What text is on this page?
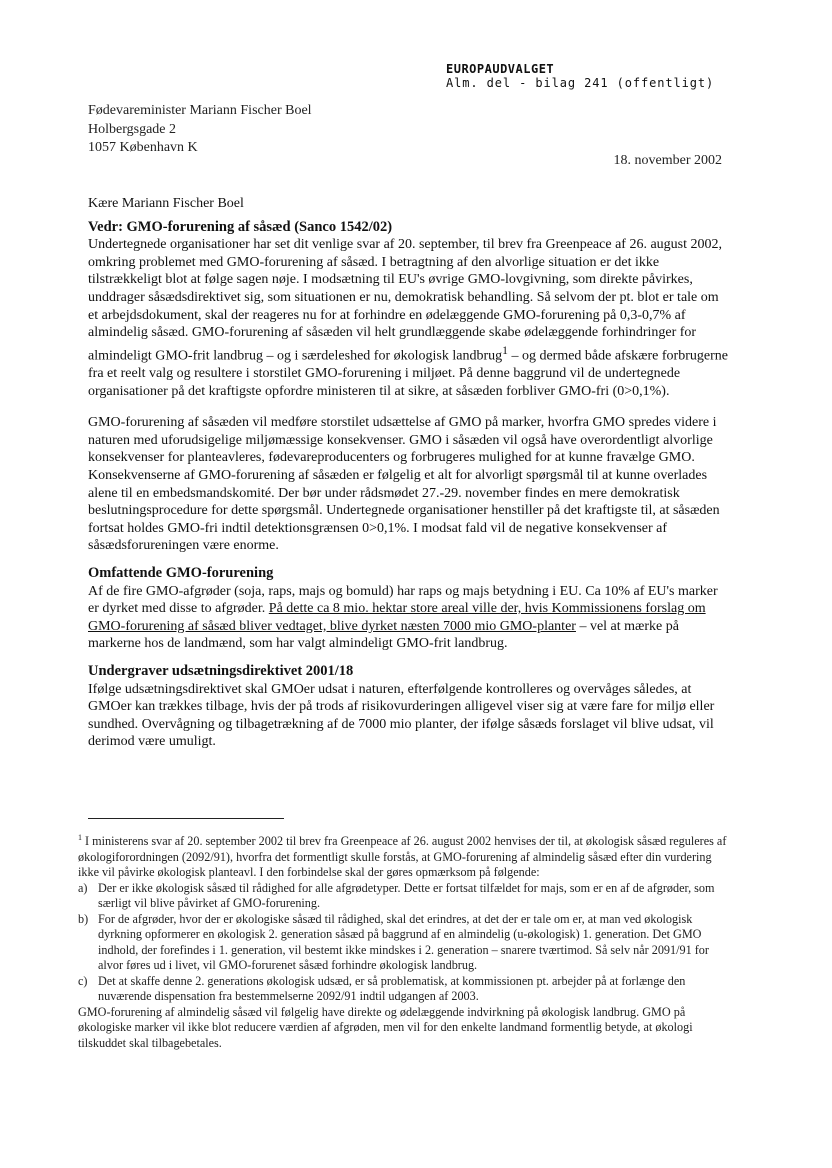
EUROPAUDVALGET
Alm. del - bilag 241 (offentligt)
Fødevareminister Mariann Fischer Boel
Holbergsgade 2
1057 København K
18. november 2002

Kære Mariann Fischer Boel

Vedr: GMO-forurening af såsæd (Sanco 1542/02)

Undertegnede organisationer har set dit venlige svar af 20. september, til brev fra Greenpeace af 26. august 2002, omkring problemet med GMO-forurening af såsæd. I betragtning af den alvorlige situation er det ikke tilstrækkeligt blot at følge sagen nøje. I modsætning til EU's øvrige GMO-lovgivning, som direkte påvirkes, unddrager såsædsdirektivet sig, som situationen er nu, demokratisk behandling. Så selvom der pt. blot er tale om et arbejdsdokument, skal der reageres nu for at forhindre en ødelæggende GMO-forurening på 0,3-0,7% af almindelig såsæd. GMO-forurening af såsæden vil helt grundlæggende skabe ødelæggende forhindringer for almindeligt GMO-frit landbrug – og i særdeleshed for økologisk landbrug$^1$ – og dermed både afskære forbrugerne fra et reelt valg og resultere i storstilet GMO-forurening i miljøet. På denne baggrund vil de undertegnede organisationer på det kraftigste opfordre ministeren til at sikre, at såsæden forbliver GMO-fri (0>0,1%).

GMO-forurening af såsæden vil medføre storstilet udsættelse af GMO på marker, hvorfra GMO spredes videre i naturen med uforudsigelige miljømæssige konsekvenser. GMO i såsæden vil også have overordentligt alvorlige konsekvenser for planteavleres, fødevareproducenters og forbrugeres mulighed for at kunne fravælge GMO. Konsekvenserne af GMO-forurening af såsæden er følgelig et alt for alvorligt spørgsmål til at kunne overlades alene til en embedsmandskomité. Der bør under rådsmødet 27.-29. november findes en mere demokratisk beslutningsprocedure for dette spørgsmål. Undertegnede organisationer henstiller på det kraftigste til, at såsæden fortsat holdes GMO-fri indtil detektionsgrænsen 0>0,1%. I modsat fald vil de negative konsekvenser af såsædsforureningen være enorme.

Omfattende GMO-forurening

Af de fire GMO-afgrøder (soja, raps, majs og bomuld) har raps og majs betydning i EU. Ca 10% af EU's marker er dyrket med disse to afgrøder. På dette ca 8 mio. hektar store areal ville der, hvis Kommissionens forslag om GMO-forurening af såsæd bliver vedtaget, blive dyrket næsten 7000 mio GMO-planter – vel at mærke på markerne hos de landmænd, som har valgt almindeligt GMO-frit landbrug.

Undergraver udsætningsdirektivet 2001/18

Ifølge udsætningsdirektivet skal GMOer udsat i naturen, efterfølgende kontrolleres og overvåges således, at GMOer kan trækkes tilbage, hvis der på trods af risikovurderingen alligevel viser sig at være fare for miljø eller sundhed. Overvågning og tilbagetrækning af de 7000 mio planter, der ifølge såsæds forslaget vil blive udsat, vil derimod være umuligt.

$^1$ I ministerens svar af 20. september 2002 til brev fra Greenpeace af 26. august 2002 henvises der til, at økologisk såsæd reguleres af økologiforordningen (2092/91), hvorfra det formentligt skulle forstås, at GMO-forurening af almindelig såsæd efter din vurdering ikke vil påvirke økologisk planteavl. I den forbindelse skal der gøres opmærksom på følgende:

a) Der er ikke økologisk såsæd til rådighed for alle afgrødetyper. Dette er fortsat tilfældet for majs, som er en af de afgrøder, som særligt vil blive påvirket af GMO-forurening.
b) For de afgrøder, hvor der er økologiske såsæd til rådighed, skal det erindres, at det der er tale om er, at man ved økologisk dyrkning opformerer en økologisk 2. generation såsæd på baggrund af en almindelig (u-økologisk) 1. generation. Det GMO indhold, der forefindes i 1. generation, vil bestemt ikke mindskes i 2. generation – snarere tværtimod. Så selv når 2091/91 for alvor føres ud i livet, vil GMO-forurenet såsæd forhindre økologisk landbrug.
c) Det at skaffe denne 2. generations økologisk udsæd, er så problematisk, at kommissionen pt. arbejder på at forlænge den nuværende dispensation fra bestemmelserne 2092/91 indtil udgangen af 2003.

GMO-forurening af almindelig såsæd vil følgelig have direkte og ødelæggende indvirkning på økologisk landbrug. GMO på økologiske marker vil ikke blot reducere værdien af afgrøden, men vil for den enkelte landmand formentlig betyde, at økologi tilskuddet skal tilbagebetales.
